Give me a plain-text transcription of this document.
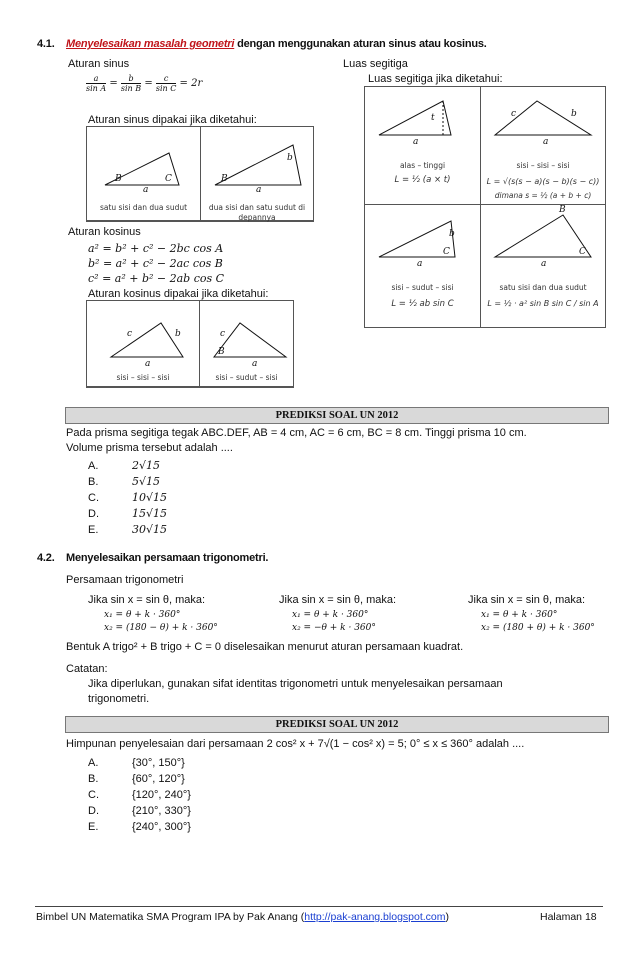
4.1. Menyelesaikan masalah geometri dengan menggunakan aturan sinus atau kosinus.
Aturan sinus
$\frac{a}{\text{sin A}} = \frac{b}{\text{sin B}} = \frac{c}{\text{sin C}} = 2r$
Aturan sinus dipakai jika diketahui:
B	C
a
satu sisi dan dua sudut
B
b
a
dua sisi dan satu sudut di depannya
Aturan kosinus
a² = b² + c² − 2bc cos A
b² = a² + c² − 2ac cos B
c² = a² + b² − 2ab cos C
Aturan kosinus dipakai jika diketahui:
c	b
a
sisi – sisi – sisi
c
B
a
sisi – sudut – sisi
Luas segitiga
Luas segitiga jika diketahui:
t
a
alas – tinggi
L = ½ (a × t)
c	b
a
sisi – sisi – sisi
L = √(s(s − a)(s − b)(s − c))
dimana s = ½ (a + b + c)
b
C
a
sisi – sudut – sisi
L = ½ ab sin C
B
C
a
satu sisi dan dua sudut
L = ½ · a² sin B sin C / sin A
PREDIKSI SOAL UN 2012
Pada prisma segitiga tegak ABC.DEF, AB = 4 cm, AC = 6 cm, BC = 8 cm. Tinggi prisma 10 cm.
Volume prisma tersebut adalah ....
A.	2√15
B.	5√15
C.	10√15
D.	15√15
E.	30√15
4.2. Menyelesaikan persamaan trigonometri.
Persamaan trigonometri
Jika sin x = sin θ, maka:
x₁ = θ + k · 360°
x₂ = (180 − θ) + k · 360°
Jika sin x = sin θ, maka:
x₁ = θ + k · 360°
x₂ = −θ + k · 360°
Jika sin x = sin θ, maka:
x₁ = θ + k · 360°
x₂ = (180 + θ) + k · 360°
Bentuk A trigo² + B trigo + C = 0 diselesaikan menurut aturan persamaan kuadrat.
Catatan:
Jika diperlukan, gunakan sifat identitas trigonometri untuk menyelesaikan persamaan
trigonometri.
PREDIKSI SOAL UN 2012
Himpunan penyelesaian dari persamaan 2 cos² x + 7√(1 − cos² x) = 5; 0° ≤ x ≤ 360° adalah ....
A.	{30°, 150°}
B.	{60°, 120°}
C.	{120°, 240°}
D.	{210°, 330°}
E.	{240°, 300°}
Bimbel UN Matematika SMA Program IPA by Pak Anang (http://pak-anang.blogspot.com)	Halaman 18
